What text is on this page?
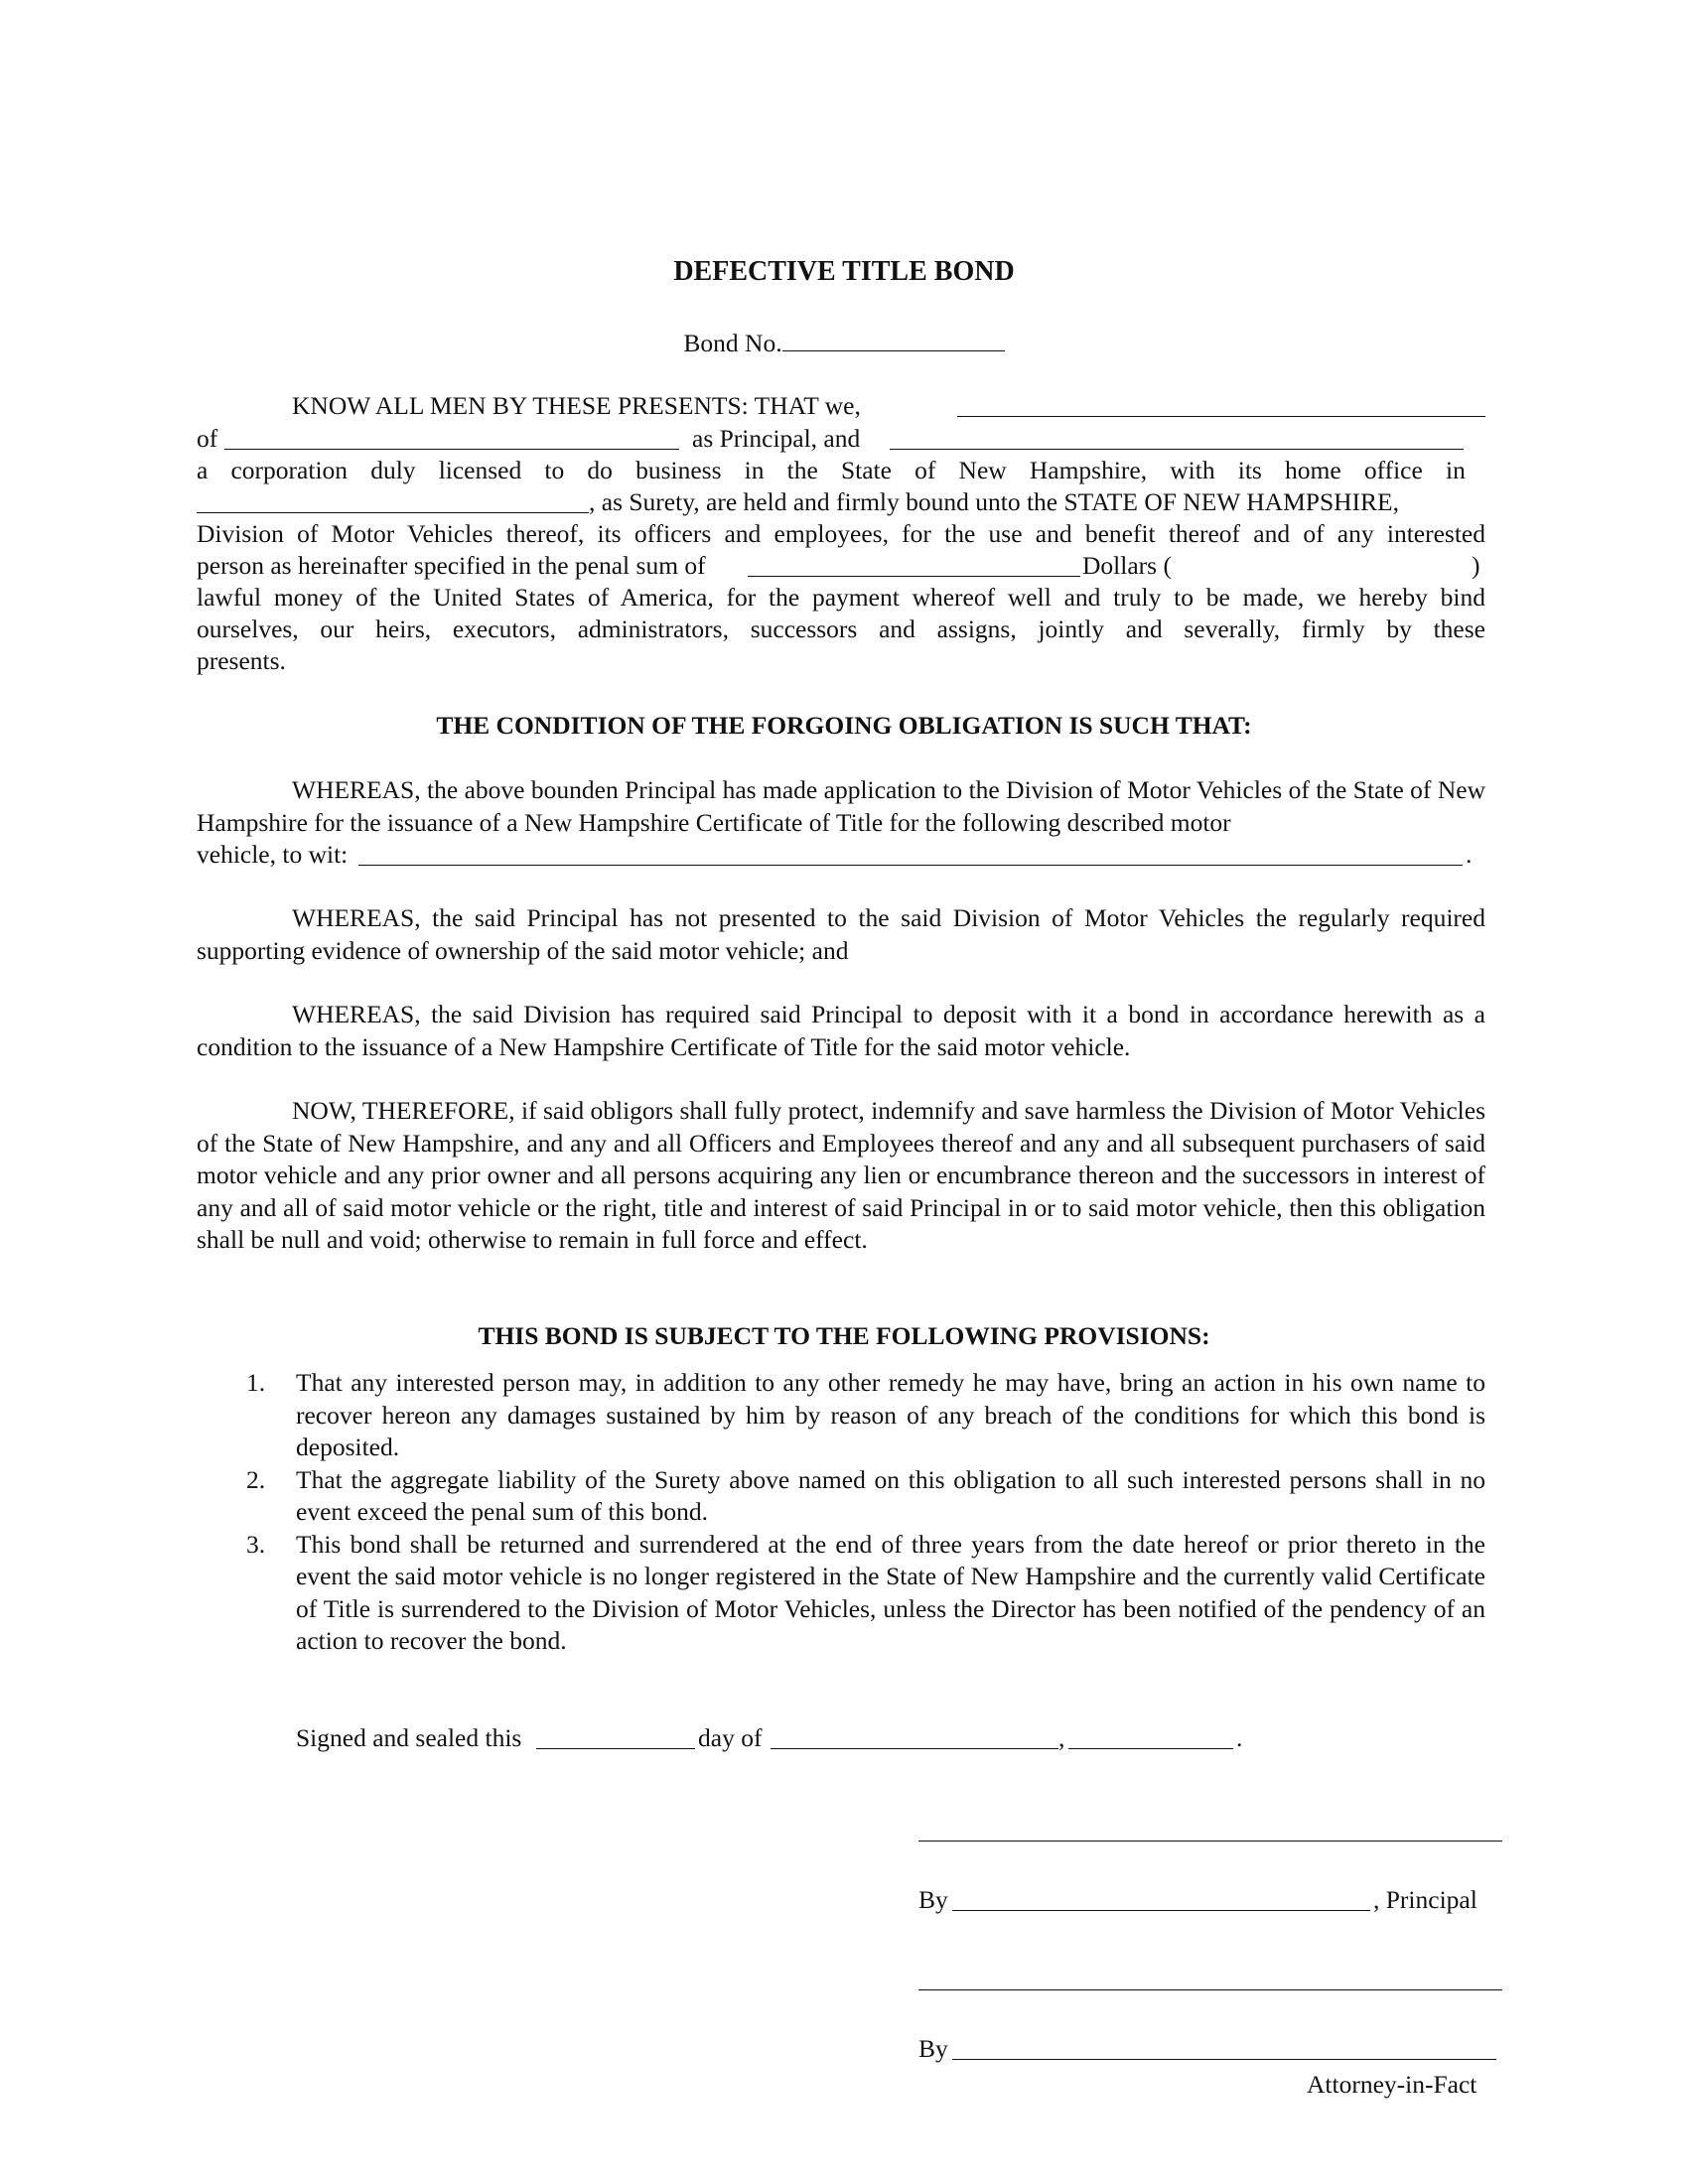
DEFECTIVE TITLE BOND
Bond No.
KNOW ALL MEN BY THESE PRESENTS: THAT we,
of	as Principal, and
a corporation duly licensed to do business in the State of New Hampshire, with its home office in
, as Surety, are held and firmly bound unto the STATE OF NEW HAMPSHIRE,
Division of Motor Vehicles thereof, its officers and employees, for the use and benefit thereof and of any interested
person as hereinafter specified in the penal sum of	Dollars (	)
lawful money of the United States of America, for the payment whereof well and truly to be made, we hereby bind
ourselves, our heirs, executors, administrators, successors and assigns, jointly and severally, firmly by these
presents.
THE CONDITION OF THE FORGOING OBLIGATION IS SUCH THAT:
WHEREAS, the above bounden Principal has made application to the Division of Motor Vehicles of the State of New Hampshire for the issuance of a New Hampshire Certificate of Title for the following described motor
vehicle, to wit:	.
WHEREAS, the said Principal has not presented to the said Division of Motor Vehicles the regularly required supporting evidence of ownership of the said motor vehicle; and
WHEREAS, the said Division has required said Principal to deposit with it a bond in accordance herewith as a condition to the issuance of a New Hampshire Certificate of Title for the said motor vehicle.
NOW, THEREFORE, if said obligors shall fully protect, indemnify and save harmless the Division of Motor Vehicles of the State of New Hampshire, and any and all Officers and Employees thereof and any and all subsequent purchasers of said motor vehicle and any prior owner and all persons acquiring any lien or encumbrance thereon and the successors in interest of any and all of said motor vehicle or the right, title and interest of said Principal in or to said motor vehicle, then this obligation shall be null and void; otherwise to remain in full force and effect.
THIS BOND IS SUBJECT TO THE FOLLOWING PROVISIONS:
1. That any interested person may, in addition to any other remedy he may have, bring an action in his own name to recover hereon any damages sustained by him by reason of any breach of the conditions for which this bond is deposited.
2. That the aggregate liability of the Surety above named on this obligation to all such interested persons shall in no event exceed the penal sum of this bond.
3. This bond shall be returned and surrendered at the end of three years from the date hereof or prior thereto in the event the said motor vehicle is no longer registered in the State of New Hampshire and the currently valid Certificate of Title is surrendered to the Division of Motor Vehicles, unless the Director has been notified of the pendency of an action to recover the bond.
Signed and sealed this	day of	,	.
By	, Principal
By
Attorney-in-Fact
